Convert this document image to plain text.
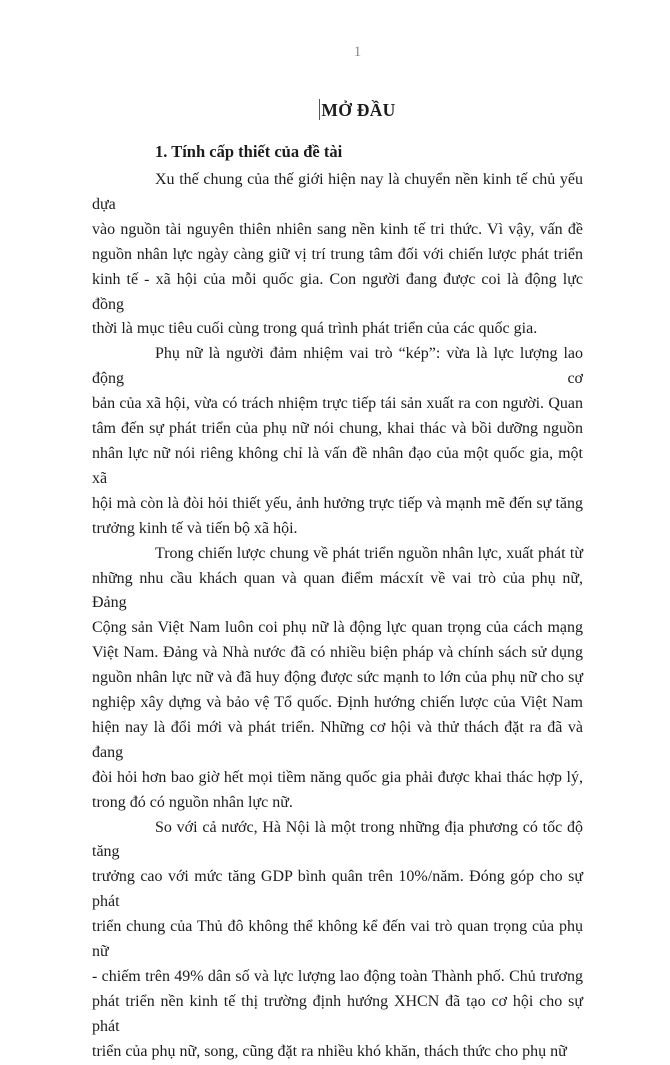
1
MỞ ĐẦU
1. Tính cấp thiết của đề tài
Xu thế chung của thế giới hiện nay là chuyển nền kinh tế chủ yếu dựa
vào nguồn tài nguyên thiên nhiên sang nền kinh tế tri thức. Vì vậy, vấn đề
nguồn nhân lực ngày càng giữ vị trí trung tâm đối với chiến lược phát triển
kinh tế - xã hội của mỗi quốc gia. Con người đang được coi là động lực đồng
thời là mục tiêu cuối cùng trong quá trình phát triển của các quốc gia.
Phụ nữ là người đảm nhiệm vai trò “kép”: vừa là lực lượng lao động cơ
bản của xã hội, vừa có trách nhiệm trực tiếp tái sản xuất ra con người. Quan
tâm đến sự phát triển của phụ nữ nói chung, khai thác và bồi dưỡng nguồn
nhân lực nữ nói riêng không chỉ là vấn đề nhân đạo của một quốc gia, một xã
hội mà còn là đòi hỏi thiết yếu, ảnh hưởng trực tiếp và mạnh mẽ đến sự tăng
trưởng kinh tế và tiến bộ xã hội.
Trong chiến lược chung về phát triển nguồn nhân lực, xuất phát từ
những nhu cầu khách quan và quan điểm mácxít về vai trò của phụ nữ, Đảng
Cộng sản Việt Nam luôn coi phụ nữ là động lực quan trọng của cách mạng
Việt Nam. Đảng và Nhà nước đã có nhiều biện pháp và chính sách sử dụng
nguồn nhân lực nữ và đã huy động được sức mạnh to lớn của phụ nữ cho sự
nghiệp xây dựng và bảo vệ Tổ quốc. Định hướng chiến lược của Việt Nam
hiện nay là đổi mới và phát triển. Những cơ hội và thử thách đặt ra đã và đang
đòi hỏi hơn bao giờ hết mọi tiềm năng quốc gia phải được khai thác hợp lý,
trong đó có nguồn nhân lực nữ.
So với cả nước, Hà Nội là một trong những địa phương có tốc độ tăng
trưởng cao với mức tăng GDP bình quân trên 10%/năm. Đóng góp cho sự phát
triển chung của Thủ đô không thể không kể đến vai trò quan trọng của phụ nữ
- chiếm trên 49% dân số và lực lượng lao động toàn Thành phố. Chủ trương
phát triển nền kinh tế thị trường định hướng XHCN đã tạo cơ hội cho sự phát
triển của phụ nữ, song, cũng đặt ra nhiều khó khăn, thách thức cho phụ nữ
